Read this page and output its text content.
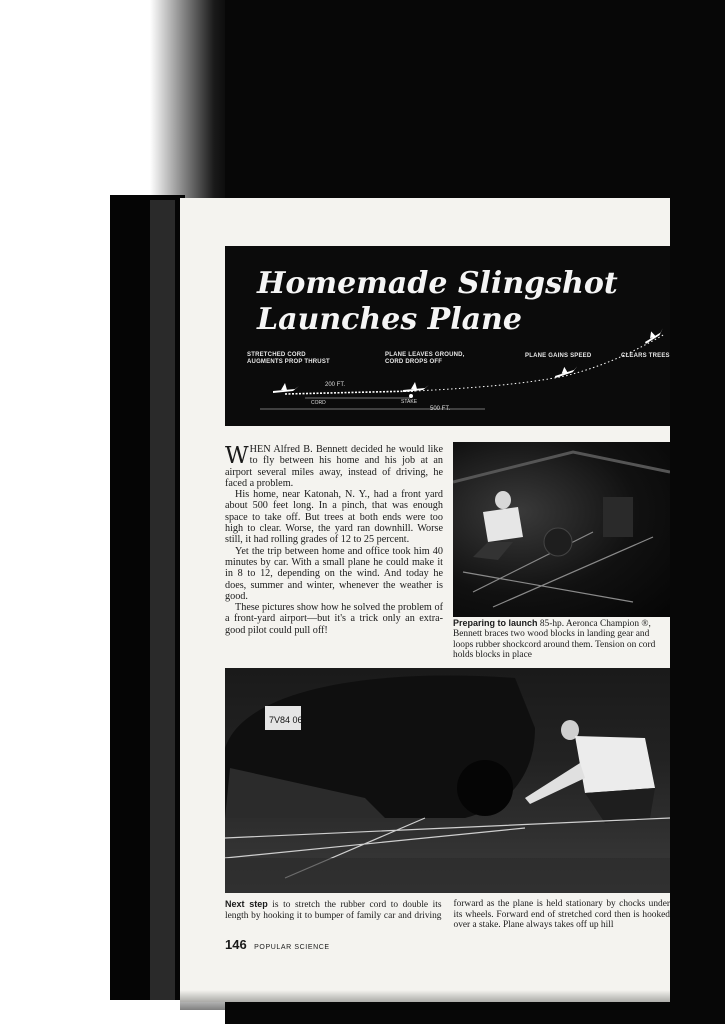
Homemade Slingshot
Launches Plane
STRETCHED CORD
AUGMENTS PROP THRUST
PLANE LEAVES GROUND,
CORD DROPS OFF
PLANE GAINS SPEED	CLEARS TREES
200 FT.
CORD	STAKE
500 FT.

WHEN Alfred B. Bennett decided he would like to fly between his home and his job at an airport several miles away, instead of driving, he faced a problem.

His home, near Katonah, N. Y., had a front yard about 500 feet long. In a pinch, that was enough space to take off. But trees at both ends were too high to clear. Worse, the yard ran downhill. Worse still, it had rolling grades of 12 to 25 percent.

Yet the trip between home and office took him 40 minutes by car. With a small plane he could make it in 8 to 12, depending on the wind. And today he does, summer and winter, whenever the weather is good.

These pictures show how he solved the problem of a front-yard airport—but it's a trick only an extra-good pilot could pull off!

Preparing to launch 85-hp. Aeronca Champion ®, Bennett braces two wood blocks in landing gear and loops rubber shockcord around them. Tension on cord holds blocks in place

7V84 06

Next step is to stretch the rubber cord to double its length by hooking it to bumper of family car and driving forward as the plane is held stationary by chocks under its wheels. Forward end of stretched cord then is hooked over a stake. Plane always takes off up hill

146 POPULAR SCIENCE
